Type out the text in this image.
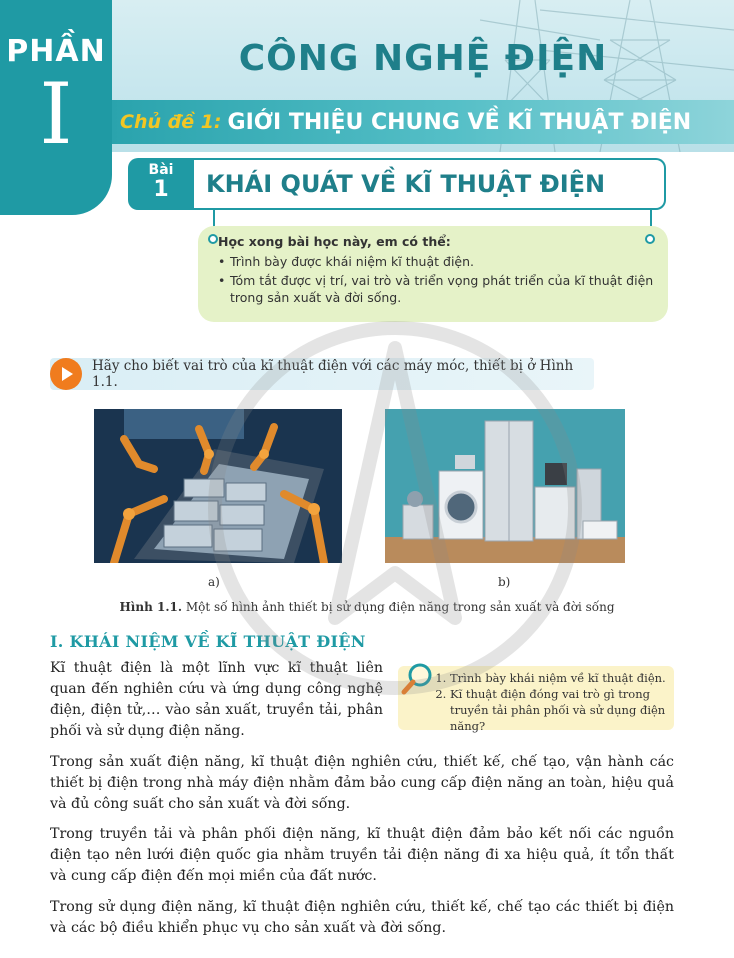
PHẦN
I
CÔNG NGHỆ ĐIỆN
Chủ đề 1: GIỚI THIỆU CHUNG VỀ KĨ THUẬT ĐIỆN
Bài
1	KHÁI QUÁT VỀ KĨ THUẬT ĐIỆN
Học xong bài học này, em có thể:
• Trình bày được khái niệm kĩ thuật điện.
• Tóm tắt được vị trí, vai trò và triển vọng phát triển của kĩ thuật điện trong sản xuất và đời sống.
Hãy cho biết vai trò của kĩ thuật điện với các máy móc, thiết bị ở Hình 1.1.
a)	b)
Hình 1.1. Một số hình ảnh thiết bị sử dụng điện năng trong sản xuất và đời sống
I. KHÁI NIỆM VỀ KĨ THUẬT ĐIỆN
Kĩ thuật điện là một lĩnh vực kĩ thuật liên quan đến nghiên cứu và ứng dụng công nghệ điện, điện tử,… vào sản xuất, truyền tải, phân phối và sử dụng điện năng.
1. Trình bày khái niệm về kĩ thuật điện.
2. Kĩ thuật điện đóng vai trò gì trong truyền tải phân phối và sử dụng điện năng?
Trong sản xuất điện năng, kĩ thuật điện nghiên cứu, thiết kế, chế tạo, vận hành các thiết bị điện trong nhà máy điện nhằm đảm bảo cung cấp điện năng an toàn, hiệu quả và đủ công suất cho sản xuất và đời sống.
Trong truyền tải và phân phối điện năng, kĩ thuật điện đảm bảo kết nối các nguồn điện tạo nên lưới điện quốc gia nhằm truyền tải điện năng đi xa hiệu quả, ít tổn thất và cung cấp điện đến mọi miền của đất nước.
Trong sử dụng điện năng, kĩ thuật điện nghiên cứu, thiết kế, chế tạo các thiết bị điện và các bộ điều khiển phục vụ cho sản xuất và đời sống.
